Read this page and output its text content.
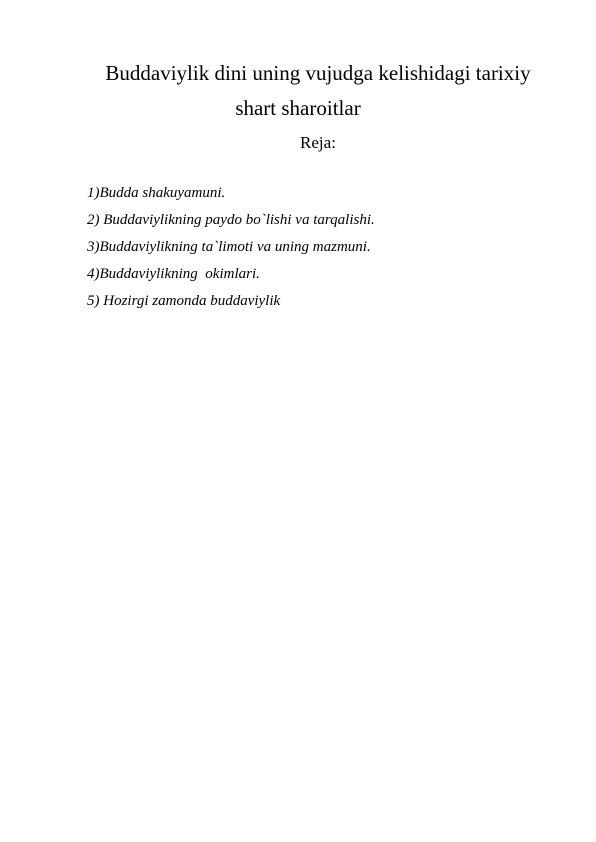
Buddaviylik dini uning vujudga kelishidagi tarixiy
shart sharoitlar

Reja:

1)Budda shakuyamuni.
2) Buddaviylikning paydo bo`lishi va tarqalishi.
3)Buddaviylikning ta`limoti va uning mazmuni.
4)Buddaviylikning  okimlari.
5) Hozirgi zamonda buddaviylik
